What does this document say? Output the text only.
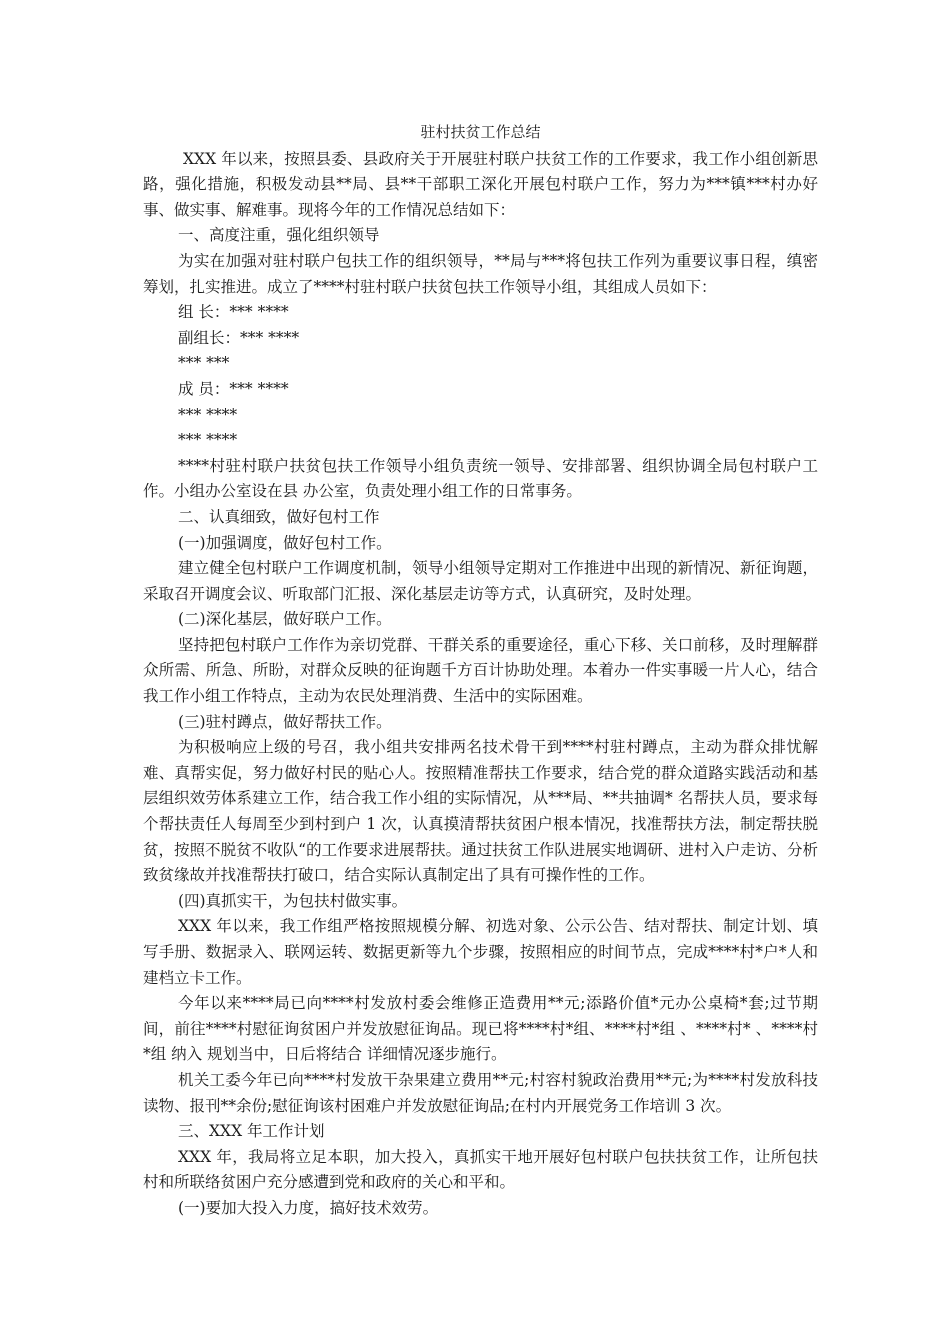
驻村扶贫工作总结

XXX 年以来，按照县委、县政府关于开展驻村联户扶贫工作的工作要求，我工作小组创新思路，强化措施，积极发动县**局、县**干部职工深化开展包村联户工作，努力为***镇***村办好事、做实事、解难事。现将今年的工作情况总结如下：

一、高度注重，强化组织领导

为实在加强对驻村联户包扶工作的组织领导，**局与***将包扶工作列为重要议事日程，缜密筹划，扎实推进。成立了****村驻村联户扶贫包扶工作领导小组，其组成人员如下：

组 长：*** ****

副组长：*** ****

*** ***

成 员：*** ****

*** ****

*** ****

****村驻村联户扶贫包扶工作领导小组负责统一领导、安排部署、组织协调全局包村联户工作。小组办公室设在县 办公室，负责处理小组工作的日常事务。

二、认真细致，做好包村工作

(一)加强调度，做好包村工作。

建立健全包村联户工作调度机制，领导小组领导定期对工作推进中出现的新情况、新征询题，采取召开调度会议、听取部门汇报、深化基层走访等方式，认真研究，及时处理。

(二)深化基层，做好联户工作。

坚持把包村联户工作作为亲切党群、干群关系的重要途径，重心下移、关口前移，及时理解群众所需、所急、所盼，对群众反映的征询题千方百计协助处理。本着办一件实事暖一片人心，结合我工作小组工作特点，主动为农民处理消费、生活中的实际困难。

(三)驻村蹲点，做好帮扶工作。

为积极响应上级的号召，我小组共安排两名技术骨干到****村驻村蹲点，主动为群众排忧解难、真帮实促，努力做好村民的贴心人。按照精准帮扶工作要求，结合党的群众道路实践活动和基层组织效劳体系建立工作，结合我工作小组的实际情况，从***局、**共抽调* 名帮扶人员，要求每个帮扶责任人每周至少到村到户 1 次，认真摸清帮扶贫困户根本情况，找准帮扶方法，制定帮扶脱贫，按照不脱贫不收队“的工作要求进展帮扶。通过扶贫工作队进展实地调研、进村入户走访、分析致贫缘故并找准帮扶打破口，结合实际认真制定出了具有可操作性的工作。

(四)真抓实干，为包扶村做实事。

XXX 年以来，我工作组严格按照规模分解、初选对象、公示公告、结对帮扶、制定计划、填写手册、数据录入、联网运转、数据更新等九个步骤，按照相应的时间节点，完成****村*户*人和建档立卡工作。

今年以来****局已向****村发放村委会维修正造费用**元;添路价值*元办公桌椅*套;过节期间，前往****村慰征询贫困户并发放慰征询品。现已将****村*组、****村*组 、****村* 、****村*组 纳入 规划当中，日后将结合 详细情况逐步施行。

机关工委今年已向****村发放干杂果建立费用**元;村容村貌政治费用**元;为****村发放科技读物、报刊**余份;慰征询该村困难户并发放慰征询品;在村内开展党务工作培训 3 次。

三、XXX 年工作计划

XXX 年，我局将立足本职，加大投入，真抓实干地开展好包村联户包扶扶贫工作，让所包扶村和所联络贫困户充分感遭到党和政府的关心和平和。

(一)要加大投入力度，搞好技术效劳。
